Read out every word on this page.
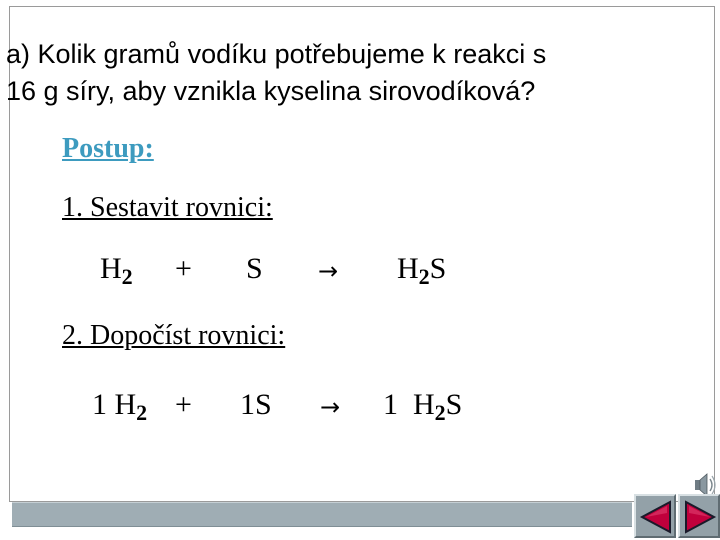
a) Kolik gramů vodíku potřebujeme k reakci s
16 g síry, aby vznikla kyselina sirovodíková?
Postup:
1. Sestavit rovnici:
$H_2 + S \to H_2S$
2. Dopočíst rovnici:
1 $H_2 + 1S \to 1$ $H_2S$
